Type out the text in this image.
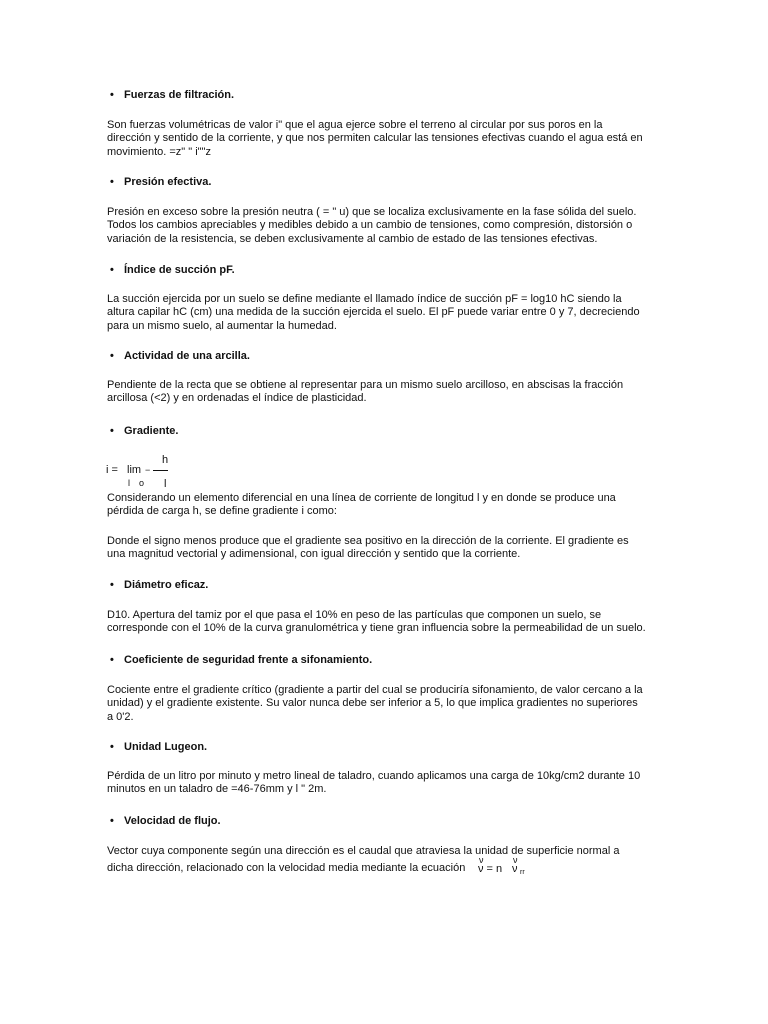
• Fuerzas de filtración.
Son fuerzas volumétricas de valor i" que el agua ejerce sobre el terreno al circular por sus poros en la
dirección y sentido de la corriente, y que nos permiten calcular las tensiones efectivas cuando el agua está en
movimiento. =z" " i""z
• Presión efectiva.
Presión en exceso sobre la presión neutra ( = " u) que se localiza exclusivamente en la fase sólida del suelo.
Todos los cambios apreciables y medibles debido a un cambio de tensiones, como compresión, distorsión o
variación de la resistencia, se deben exclusivamente al cambio de estado de las tensiones efectivas.
• Índice de succión pF.
La succión ejercida por un suelo se define mediante el llamado índice de succión pF = log10 hC siendo la
altura capilar hC (cm) una medida de la succión ejercida el suelo. El pF puede variar entre 0 y 7, decreciendo
para un mismo suelo, al aumentar la humedad.
• Actividad de una arcilla.
Pendiente de la recta que se obtiene al representar para un mismo suelo arcilloso, en abscisas la fracción
arcillosa (<2) y en ordenadas el índice de plasticidad.
• Gradiente.
i = lim
l o
−
h
l
Considerando un elemento diferencial en una línea de corriente de longitud l y en donde se produce una
pérdida de carga h, se define gradiente i como:
Donde el signo menos produce que el gradiente sea positivo en la dirección de la corriente. El gradiente es
una magnitud vectorial y adimensional, con igual dirección y sentido que la corriente.
• Diámetro eficaz.
D10. Apertura del tamiz por el que pasa el 10% en peso de las partículas que componen un suelo, se
corresponde con el 10% de la curva granulométrica y tiene gran influencia sobre la permeabilidad de un suelo.
• Coeficiente de seguridad frente a sifonamiento.
Cociente entre el gradiente crítico (gradiente a partir del cual se produciría sifonamiento, de valor cercano a la
unidad) y el gradiente existente. Su valor nunca debe ser inferior a 5, lo que implica gradientes no superiores
a 0'2.
• Unidad Lugeon.
Pérdida de un litro por minuto y metro lineal de taladro, cuando aplicamos una carga de 10kg/cm2 durante 10
minutos en un taladro de =46-76mm y l " 2m.
• Velocidad de flujo.
Vector cuya componente según una dirección es el caudal que atraviesa la unidad de superficie normal a
dicha dirección, relacionado con la velocidad media mediante la ecuación
ν
ν = n
ν
ν rr
